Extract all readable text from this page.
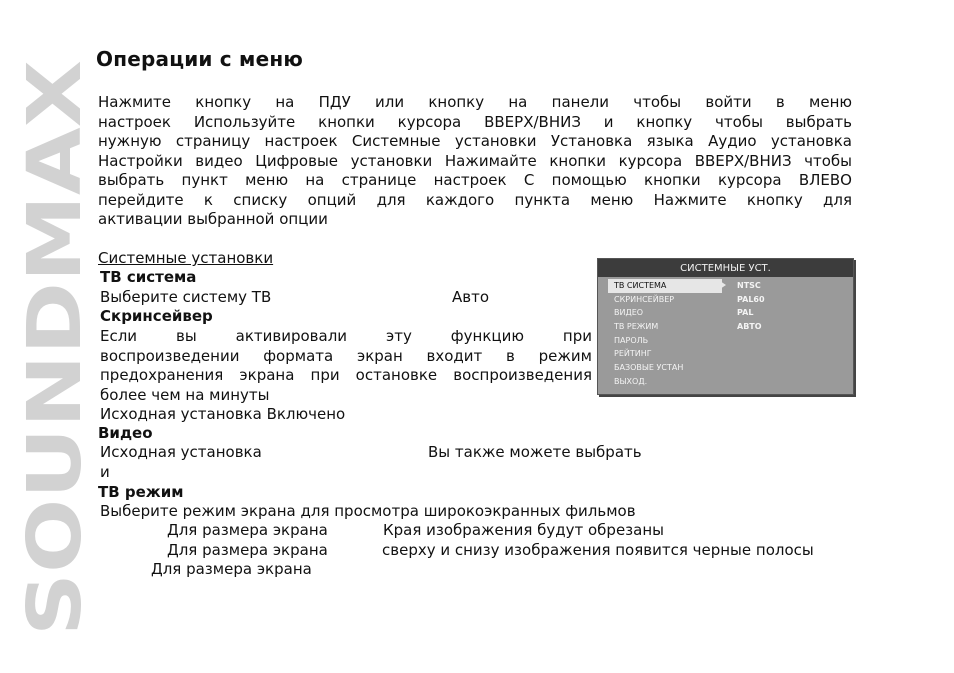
SOUNDMAX
Операции с меню
Нажмите кнопку на ПДУ или кнопку на панели чтобы войти в меню
настроек Используйте кнопки курсора ВВЕРХ/ВНИЗ и кнопку чтобы выбрать
нужную страницу настроек Системные установки Установка языка Аудио установка
Настройки видео Цифровые установки Нажимайте кнопки курсора ВВЕРХ/ВНИЗ чтобы
выбрать пункт меню на странице настроек С помощью кнопки курсора ВЛЕВО
перейдите к списку опций для каждого пункта меню Нажмите кнопку для
активации выбранной опции
Системные установки
ТВ система
Выберите систему ТВ	Авто
Скринсейвер
Если вы активировали эту функцию при
воспроизведении формата экран входит в режим
предохранения экрана при остановке воспроизведения
более чем на минуты
Исходная установка Включено
Видео
Исходная установка	Вы также можете выбрать
и
ТВ режим
Выберите режим экрана для просмотра широкоэкранных фильмов
Для размера экрана	Края изображения будут обрезаны
Для размера экрана	сверху и снизу изображения появится черные полосы
Для размера экрана
СИСТЕМНЫЕ УСТ.
ТВ СИСТЕМА
СКРИНСЕЙВЕР
ВИДЕО
ТВ РЕЖИМ
ПАРОЛЬ
РЕЙТИНГ
БАЗОВЫЕ УСТАН
ВЫХОД.
NTSC
PAL60
PAL
АВТО
